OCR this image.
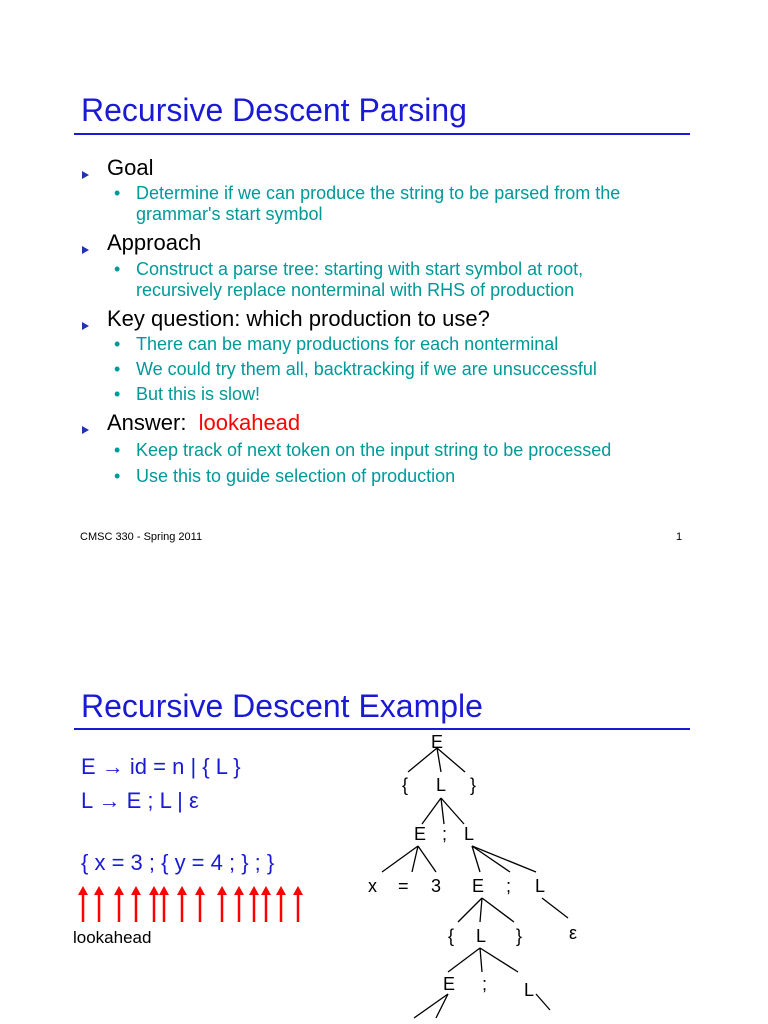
Recursive Descent Parsing
Goal
• Determine if we can produce the string to be parsed from the
grammar's start symbol
Approach
• Construct a parse tree: starting with start symbol at root,
recursively replace nonterminal with RHS of production
Key question: which production to use?
• There can be many productions for each nonterminal
• We could try them all, backtracking if we are unsuccessful
• But this is slow!
Answer: lookahead
• Keep track of next token on the input string to be processed
• Use this to guide selection of production
CMSC 330 - Spring 2011	1
Recursive Descent Example
E → id = n | { L }
L → E ; L | ε
{ x = 3 ; { y = 4 ; } ; }
lookahead
E
{ L }
E ; L
x = 3 E ; L
{ L }	ε
E ; L
